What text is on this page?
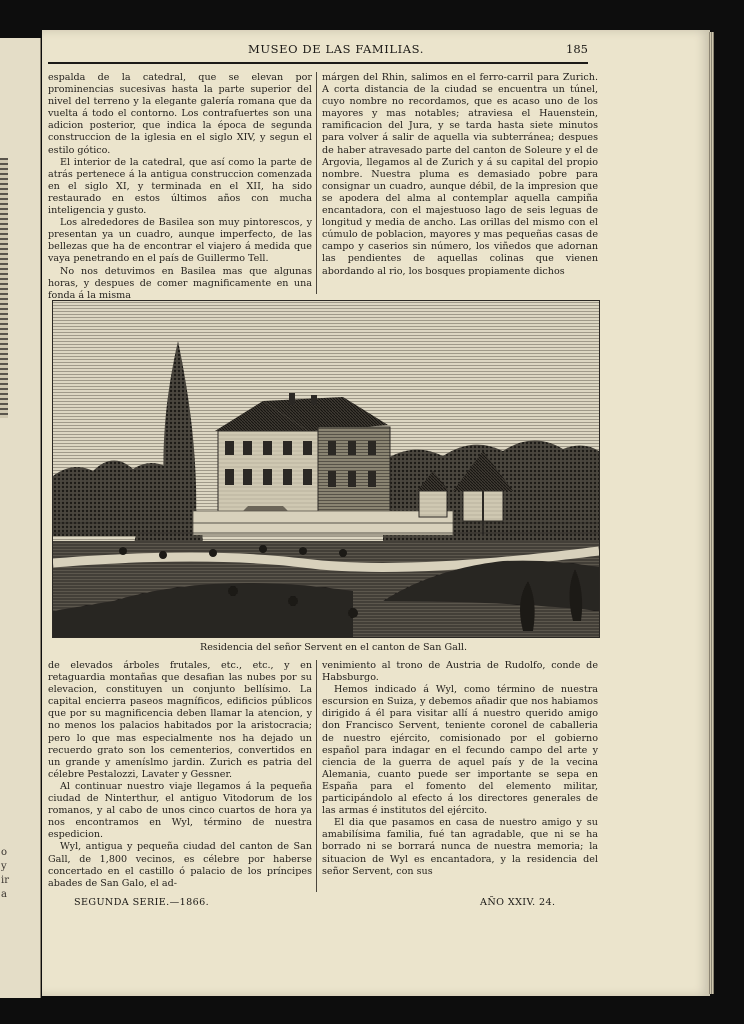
o
y
ir
a
MUSEO DE LAS FAMILIAS.	185

espalda de la catedral, que se elevan por prominencias sucesivas hasta la parte superior del nivel del terreno y la elegante galería romana que da vuelta á todo el contorno. Los contrafuertes son una adicion posterior, que indica la época de segunda construccion de la iglesia en el siglo XIV, y segun el estilo gótico.

El interior de la catedral, que así como la parte de atrás pertenece á la antigua construccion comenzada en el siglo XI, y terminada en el XII, ha sido restaurado en estos últimos años con mucha inteligencia y gusto.

Los alrededores de Basilea son muy pintorescos, y presentan ya un cuadro, aunque imperfecto, de las bellezas que ha de encontrar el viajero á medida que vaya penetrando en el país de Guillermo Tell.

No nos detuvimos en Basilea mas que algunas horas, y despues de comer magnificamente en una fonda á la misma

márgen del Rhin, salimos en el ferro-carril para Zurich. A corta distancia de la ciudad se encuentra un túnel, cuyo nombre no recordamos, que es acaso uno de los mayores y mas notables; atraviesa el Hauenstein, ramificacion del Jura, y se tarda hasta siete minutos para volver á salir de aquella via subterránea; despues de haber atravesado parte del canton de Soleure y el de Argovia, llegamos al de Zurich y á su capital del propio nombre. Nuestra pluma es demasiado pobre para consignar un cuadro, aunque débil, de la impresion que se apodera del alma al contemplar aquella campiña encantadora, con el majestuoso lago de seis leguas de longitud y media de ancho. Las orillas del mismo con el cúmulo de poblacion, mayores y mas pequeñas casas de campo y caserios sin número, los viñedos que adornan las pendientes de aquellas colinas que vienen abordando al rio, los bosques propiamente dichos

Residencia del señor Servent en el canton de San Gall.

de elevados árboles frutales, etc., etc., y en retaguardia montañas que desafian las nubes por su elevacion, constituyen un conjunto bellísimo. La capital encierra paseos magníficos, edificios públicos que por su magnificencia deben llamar la atencion, y no menos los palacios habitados por la aristocracia; pero lo que mas especialmente nos ha dejado un recuerdo grato son los cementerios, convertidos en un grande y ameníslmo jardin. Zurich es patria del célebre Pestalozzi, Lavater y Gessner.

Al continuar nuestro viaje llegamos á la pequeña ciudad de Ninterthur, el antiguo Vitodorum de los romanos, y al cabo de unos cinco cuartos de hora ya nos encontramos en Wyl, término de nuestra espedicion.

Wyl, antigua y pequeña ciudad del canton de San Gall, de 1,800 vecinos, es célebre por haberse concertado en el castillo ó palacio de los príncipes abades de San Galo, el ad-

venimiento al trono de Austria de Rudolfo, conde de Habsburgo.

Hemos indicado á Wyl, como término de nuestra escursion en Suiza, y debemos añadir que nos habiamos dirigido á él para visitar allí á nuestro querido amigo don Francisco Servent, teniente coronel de caballeria de nuestro ejército, comisionado por el gobierno español para indagar en el fecundo campo del arte y ciencia de la guerra de aquel país y de la vecina Alemania, cuanto puede ser importante se sepa en España para el fomento del elemento militar, participándolo al efecto á los directores generales de las armas é institutos del ejército.

El dia que pasamos en casa de nuestro amigo y su amabilísima familia, fué tan agradable, que ni se ha borrado ni se borrará nunca de nuestra memoria; la situacion de Wyl es encantadora, y la residencia del señor Servent, con sus

SEGUNDA SERIE.—1866.	AÑO XXIV. 24.
